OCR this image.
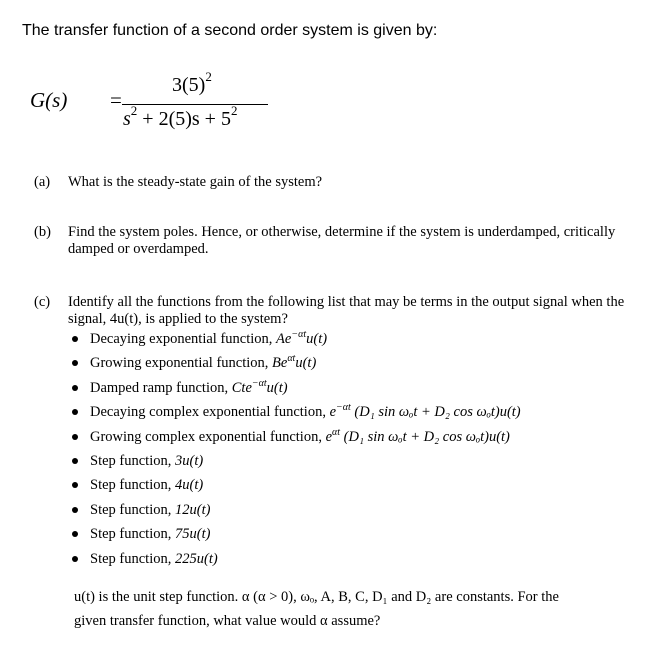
The transfer function of a second order system is given by:
G(s) =
$3(5)^2$
$s^2 + 2(5)s + 5^2$
(a) What is the steady-state gain of the system?
(b) Find the system poles. Hence, or otherwise, determine if the system is underdamped, critically damped or overdamped.
(c) Identify all the functions from the following list that may be terms in the output signal when the signal, 4u(t), is applied to the system?
Decaying exponential function, $Ae^{-\alpha t}u(t)$
Growing exponential function, $Be^{\alpha t}u(t)$
Damped ramp function, Cte$^{-\alpha t}$u(t)
Decaying complex exponential function, $e^{-\alpha t}$ (D₁ sin ωₒt + D₂ cos ωₒt)u(t)
Growing complex exponential function, $e^{\alpha t}$ (D₁ sin ωₒt + D₂ cos ωₒt)u(t)
Step function, 3u(t)
Step function, 4u(t)
Step function, 12u(t)
Step function, 75u(t)
Step function, 225u(t)
u(t) is the unit step function. α (α > 0), ωₒ, A, B, C, D₁ and D₂ are constants. For the
given transfer function, what value would α assume?
